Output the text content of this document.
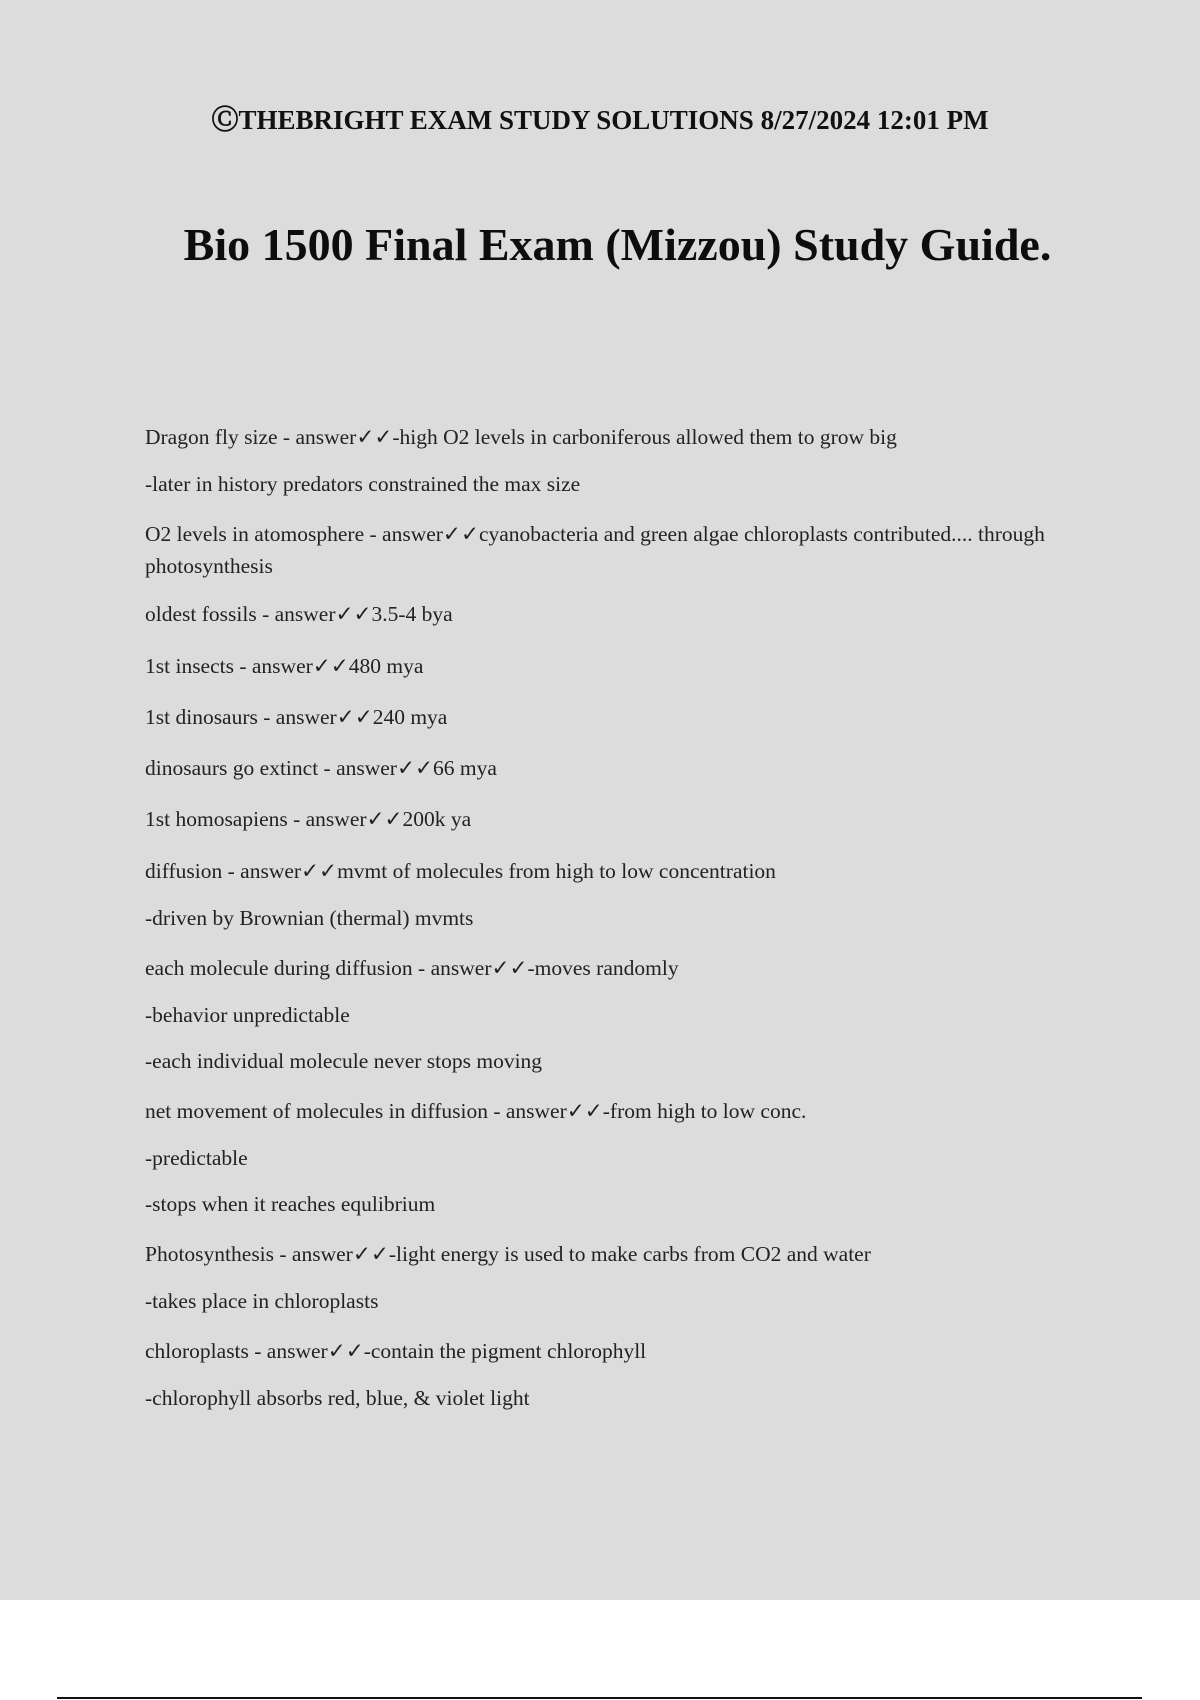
ⒸTHEBRIGHT EXAM STUDY SOLUTIONS 8/27/2024 12:01 PM
Bio 1500 Final Exam (Mizzou) Study Guide.
Dragon fly size - answer✓✓-high O2 levels in carboniferous allowed them to grow big
-later in history predators constrained the max size
O2 levels in atomosphere - answer✓✓cyanobacteria and green algae chloroplasts contributed.... through photosynthesis
oldest fossils - answer✓✓3.5-4 bya
1st insects - answer✓✓480 mya
1st dinosaurs - answer✓✓240 mya
dinosaurs go extinct - answer✓✓66 mya
1st homosapiens - answer✓✓200k ya
diffusion - answer✓✓mvmt of molecules from high to low concentration
-driven by Brownian (thermal) mvmts
each molecule during diffusion - answer✓✓-moves randomly
-behavior unpredictable
-each individual molecule never stops moving
net movement of molecules in diffusion - answer✓✓-from high to low conc.
-predictable
-stops when it reaches equlibrium
Photosynthesis - answer✓✓-light energy is used to make carbs from CO2 and water
-takes place in chloroplasts
chloroplasts - answer✓✓-contain the pigment chlorophyll
-chlorophyll absorbs red, blue, & violet light
